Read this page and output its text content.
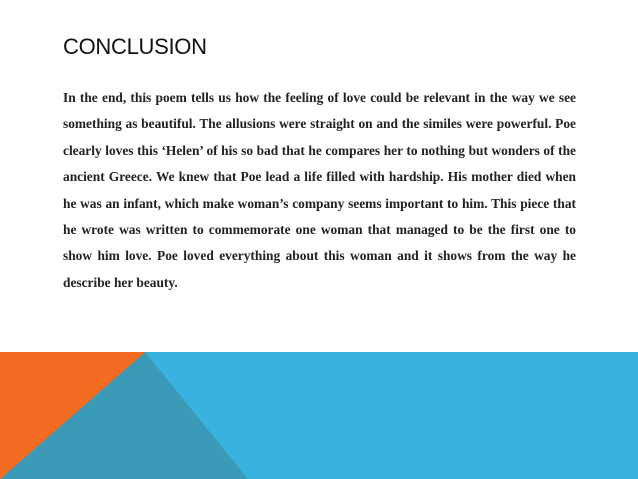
CONCLUSION

In the end, this poem tells us how the feeling of love could be relevant in the way we see something as beautiful. The allusions were straight on and the similes were powerful. Poe clearly loves this ‘Helen’ of his so bad that he compares her to nothing but wonders of the ancient Greece. We knew that Poe lead a life filled with hardship. His mother died when he was an infant, which make woman’s company seems important to him. This piece that he wrote was written to commemorate one woman that managed to be the first one to show him love. Poe loved everything about this woman and it shows from the way he describe her beauty.
